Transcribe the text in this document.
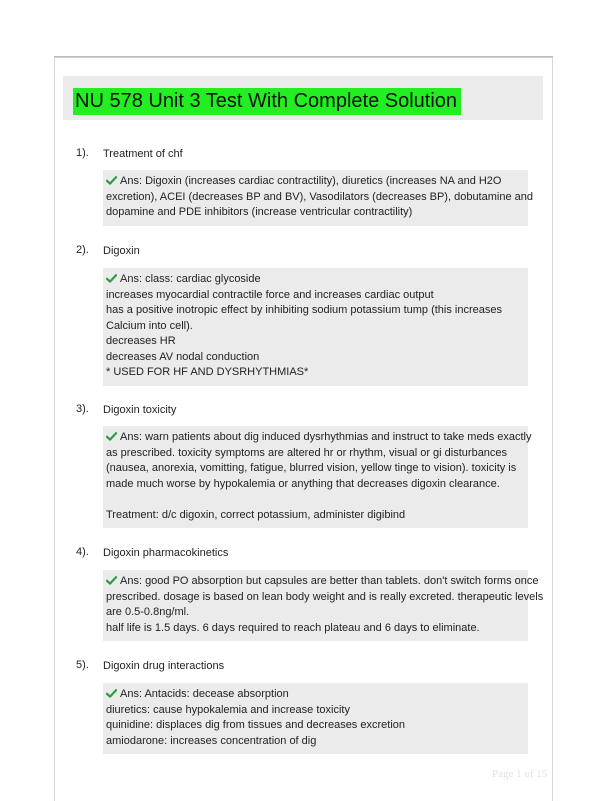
NU 578 Unit 3 Test With Complete Solution
1). Treatment of chf
Ans: Digoxin (increases cardiac contractility), diuretics (increases NA and H2O
excretion), ACEI (decreases BP and BV), Vasodilators (decreases BP), dobutamine and
dopamine and PDE inhibitors (increase ventricular contractility)
2). Digoxin
Ans: class: cardiac glycoside
increases myocardial contractile force and increases cardiac output
has a positive inotropic effect by inhibiting sodium potassium tump (this increases
Calcium into cell).
decreases HR
decreases AV nodal conduction
* USED FOR HF AND DYSRHYTHMIAS*
3). Digoxin toxicity
Ans: warn patients about dig induced dysrhythmias and instruct to take meds exactly
as prescribed. toxicity symptoms are altered hr or rhythm, visual or gi disturbances
(nausea, anorexia, vomitting, fatigue, blurred vision, yellow tinge to vision). toxicity is
made much worse by hypokalemia or anything that decreases digoxin clearance.
Treatment: d/c digoxin, correct potassium, administer digibind
4). Digoxin pharmacokinetics
Ans: good PO absorption but capsules are better than tablets. don't switch forms once
prescribed. dosage is based on lean body weight and is really excreted. therapeutic levels
are 0.5-0.8ng/ml.
half life is 1.5 days. 6 days required to reach plateau and 6 days to eliminate.
5). Digoxin drug interactions
Ans: Antacids: decease absorption
diuretics: cause hypokalemia and increase toxicity
quinidine: displaces dig from tissues and decreases excretion
amiodarone: increases concentration of dig
Page 1 of 15
